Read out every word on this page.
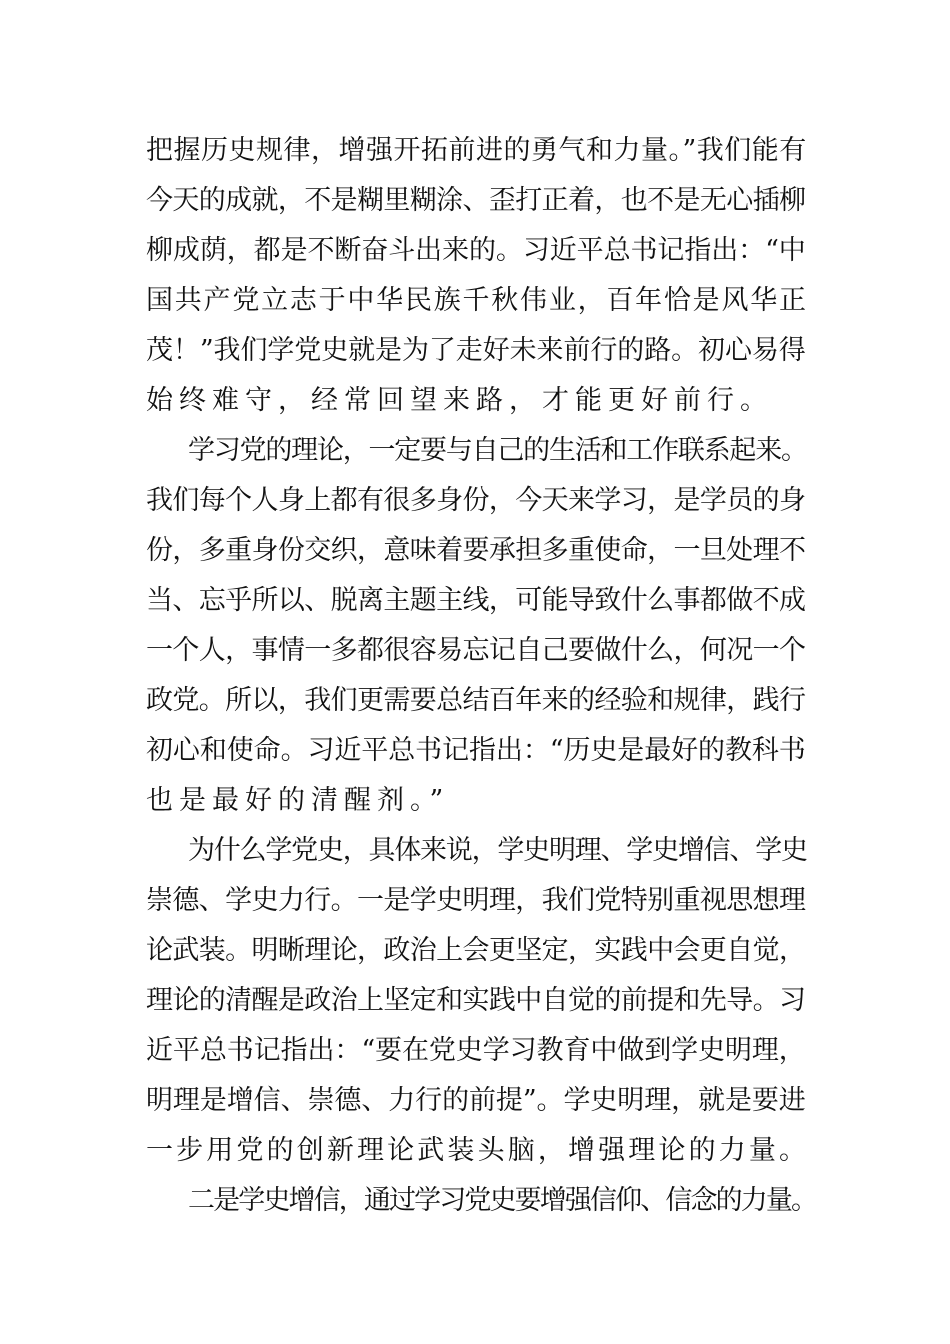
把握历史规律，增强开拓前进的勇气和力量。”我们能有
今天的成就，不是糊里糊涂、歪打正着，也不是无心插柳
柳成荫，都是不断奋斗出来的。习近平总书记指出：“中
国共产党立志于中华民族千秋伟业，百年恰是风华正
茂！”我们学党史就是为了走好未来前行的路。初心易得
始终难守，经常回望来路，才能更好前行。
学习党的理论，一定要与自己的生活和工作联系起来。
我们每个人身上都有很多身份，今天来学习，是学员的身
份，多重身份交织，意味着要承担多重使命，一旦处理不
当、忘乎所以、脱离主题主线，可能导致什么事都做不成
一个人，事情一多都很容易忘记自己要做什么，何况一个
政党。所以，我们更需要总结百年来的经验和规律，践行
初心和使命。习近平总书记指出：“历史是最好的教科书
也是最好的清醒剂。”
为什么学党史，具体来说，学史明理、学史增信、学史
崇德、学史力行。一是学史明理，我们党特别重视思想理
论武装。明晰理论，政治上会更坚定，实践中会更自觉，
理论的清醒是政治上坚定和实践中自觉的前提和先导。习
近平总书记指出：“要在党史学习教育中做到学史明理，
明理是增信、崇德、力行的前提”。学史明理，就是要进
一步用党的创新理论武装头脑，增强理论的力量。
二是学史增信，通过学习党史要增强信仰、信念的力量。
